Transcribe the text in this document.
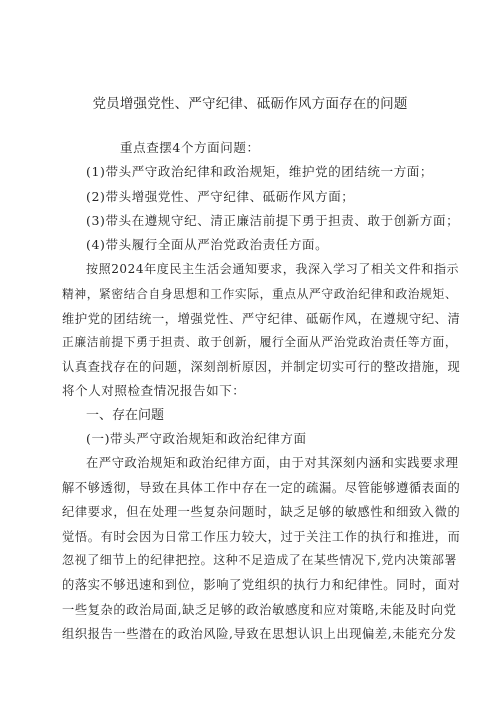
党员增强党性、严守纪律、砥砺作风方面存在的问题
重点查摆4个方面问题：
(1)带头严守政治纪律和政治规矩，维护党的团结统一方面；
(2)带头增强党性、严守纪律、砥砺作风方面；
(3)带头在遵规守纪、清正廉洁前提下勇于担责、敢于创新方面；
(4)带头履行全面从严治党政治责任方面。
按照2024年度民主生活会通知要求，我深入学习了相关文件和指示
精神，紧密结合自身思想和工作实际，重点从严守政治纪律和政治规矩、
维护党的团结统一，增强党性、严守纪律、砥砺作风，在遵规守纪、清
正廉洁前提下勇于担责、敢于创新，履行全面从严治党政治责任等方面，
认真查找存在的问题，深刻剖析原因，并制定切实可行的整改措施，现
将个人对照检查情况报告如下：
一、存在问题
(一)带头严守政治规矩和政治纪律方面
在严守政治规矩和政治纪律方面，由于对其深刻内涵和实践要求理
解不够透彻，导致在具体工作中存在一定的疏漏。尽管能够遵循表面的
纪律要求，但在处理一些复杂问题时，缺乏足够的敏感性和细致入微的
觉悟。有时会因为日常工作压力较大，过于关注工作的执行和推进，而
忽视了细节上的纪律把控。这种不足造成了在某些情况下,党内决策部署
的落实不够迅速和到位，影响了党组织的执行力和纪律性。同时，面对
一些复杂的政治局面,缺乏足够的政治敏感度和应对策略,未能及时向党
组织报告一些潜在的政治风险,导致在思想认识上出现偏差,未能充分发
